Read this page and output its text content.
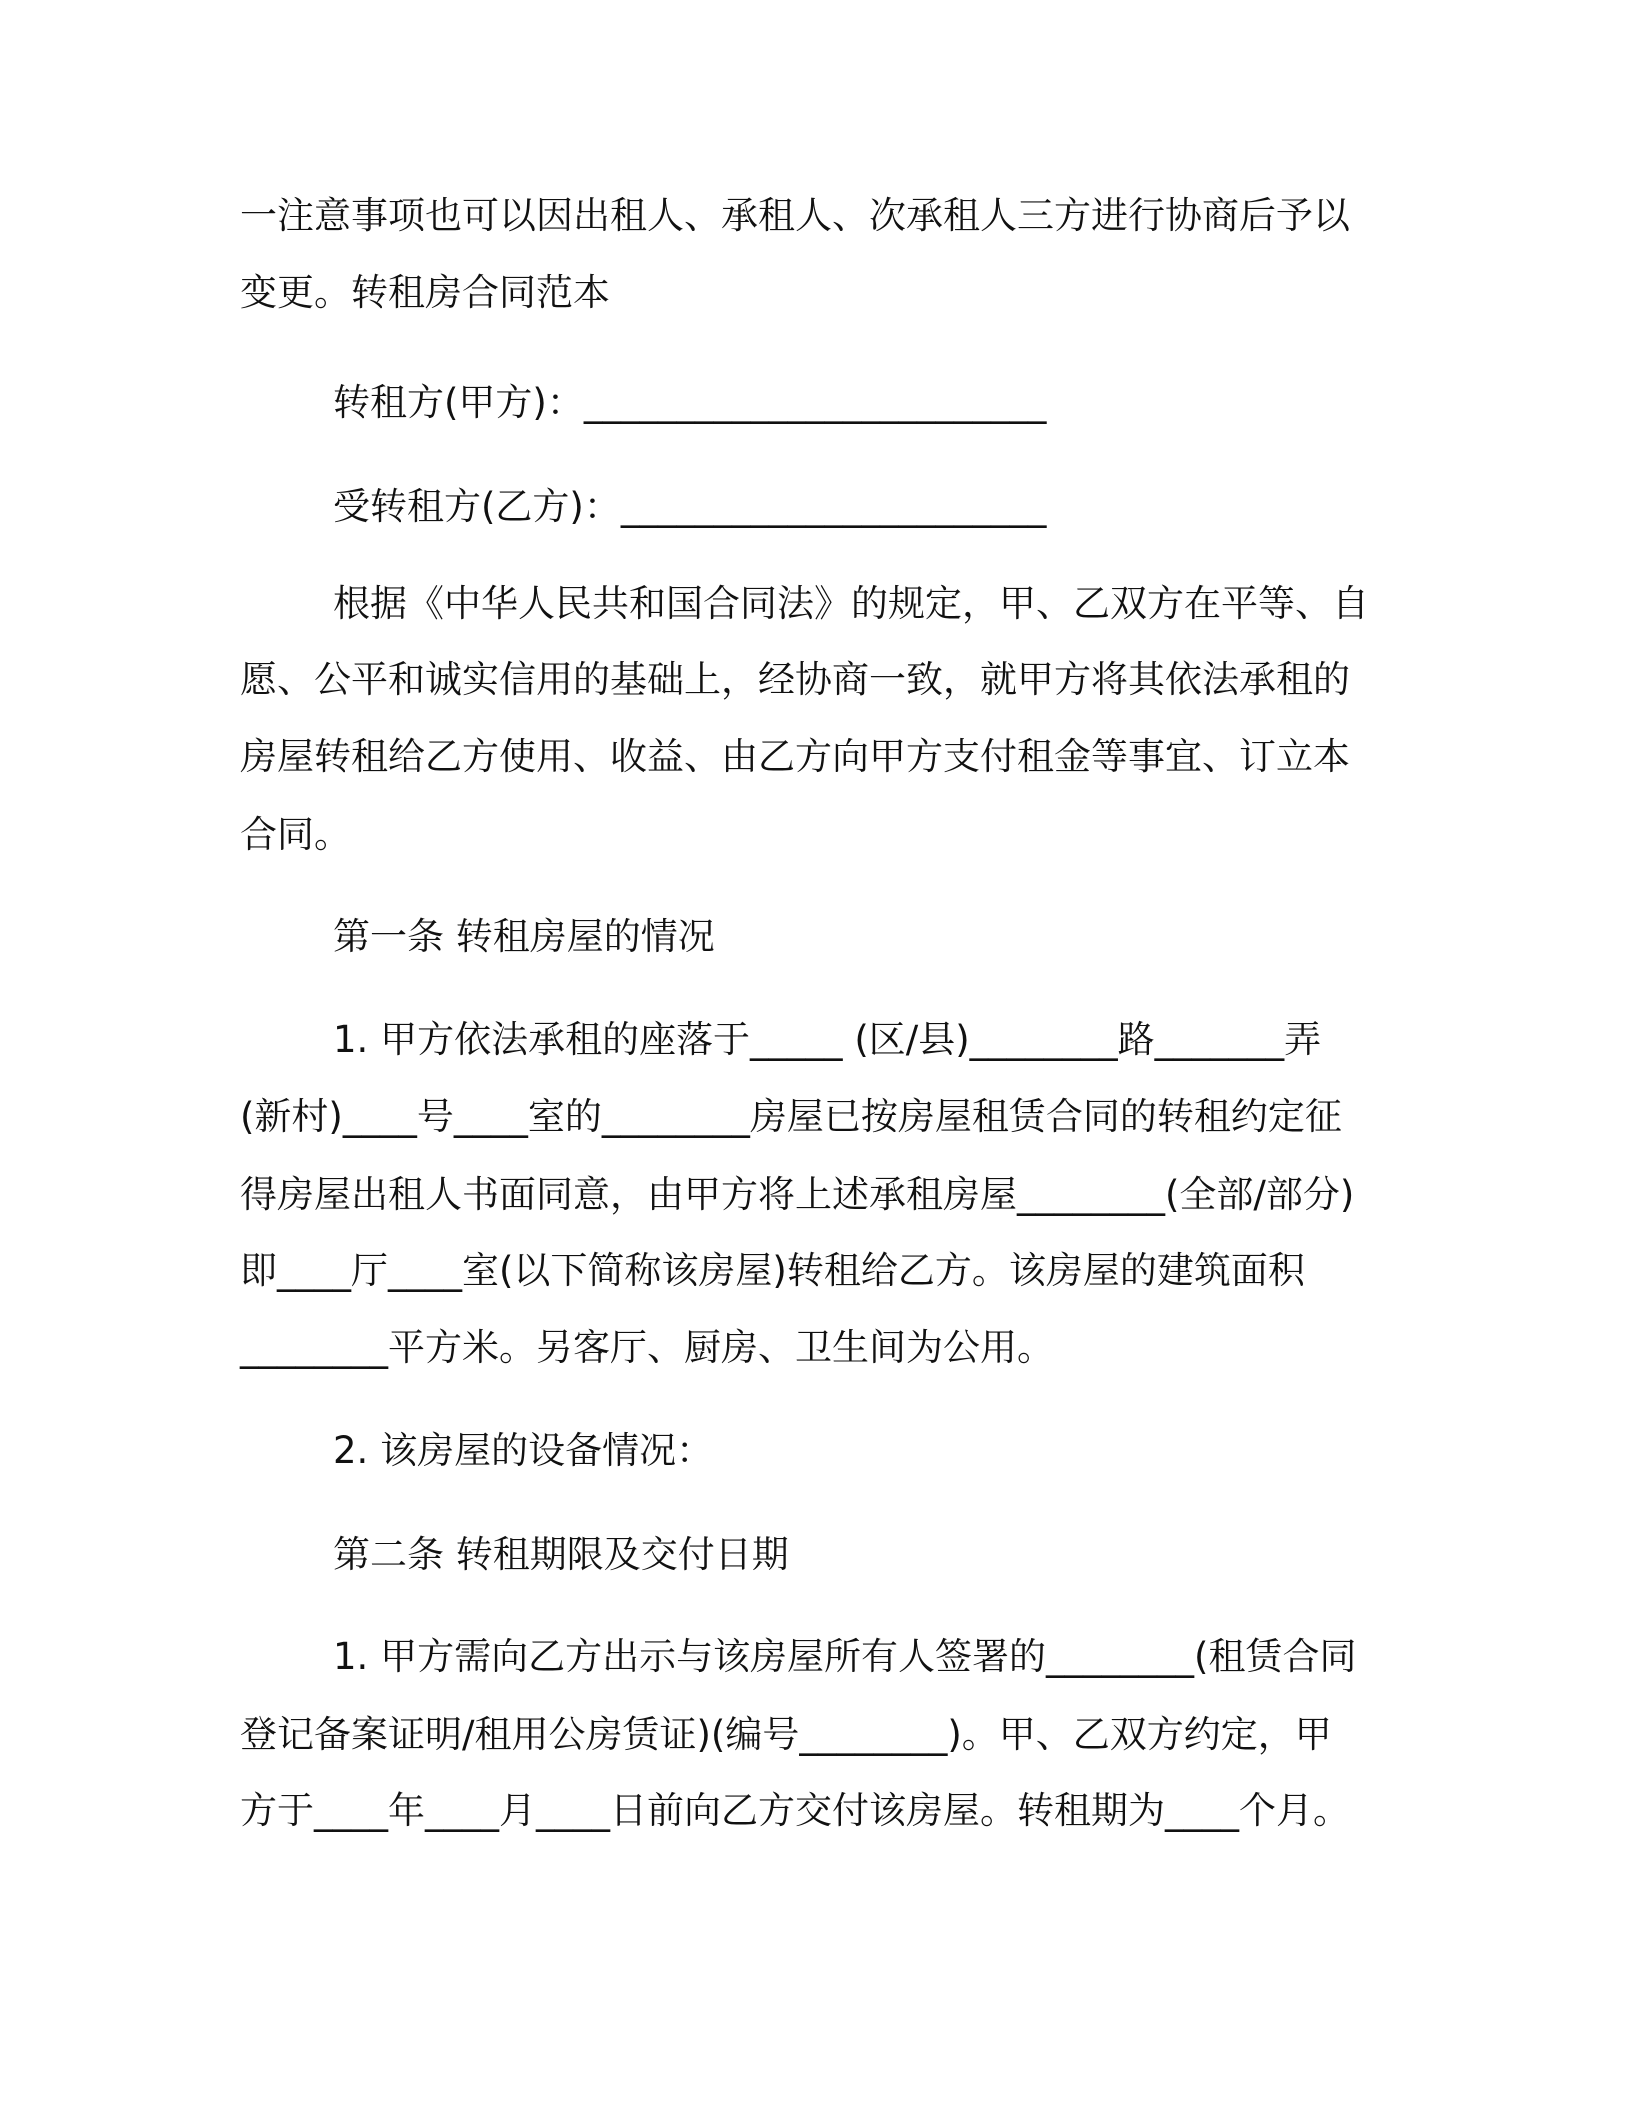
一注意事项也可以因出租人、承租人、次承租人三方进行协商后予以
变更。转租房合同范本
转租方(甲方)：_________________________
受转租方(乙方)：_______________________
根据《中华人民共和国合同法》的规定，甲、乙双方在平等、自
愿、公平和诚实信用的基础上，经协商一致，就甲方将其依法承租的
房屋转租给乙方使用、收益、由乙方向甲方支付租金等事宜、订立本
合同。
第一条 转租房屋的情况
1. 甲方依法承租的座落于_____ (区/县)________路_______弄
(新村)____号____室的________房屋已按房屋租赁合同的转租约定征
得房屋出租人书面同意，由甲方将上述承租房屋________(全部/部分)
即____厅____室(以下简称该房屋)转租给乙方。该房屋的建筑面积
________平方米。另客厅、厨房、卫生间为公用。
2. 该房屋的设备情况：
第二条 转租期限及交付日期
1. 甲方需向乙方出示与该房屋所有人签署的________(租赁合同
登记备案证明/租用公房赁证)(编号________)。甲、乙双方约定，甲
方于____年____月____日前向乙方交付该房屋。转租期为____个月。
